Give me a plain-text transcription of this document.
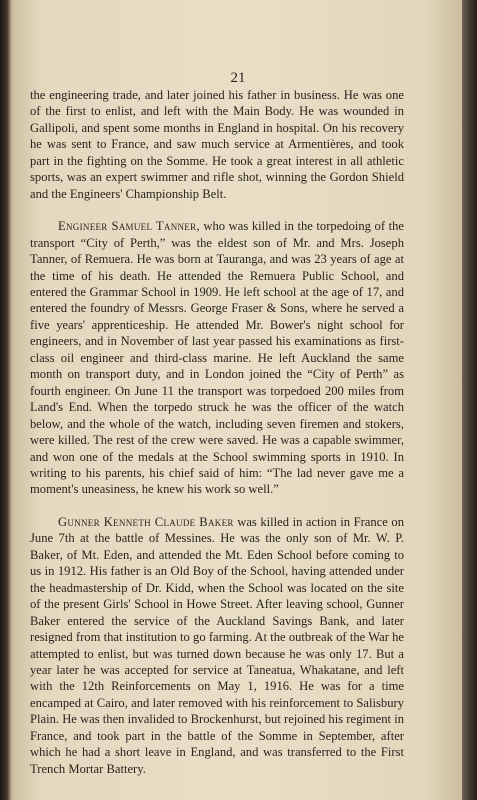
21

the engineering trade, and later joined his father in business. He was one of the first to enlist, and left with the Main Body. He was wounded in Gallipoli, and spent some months in England in hospital. On his recovery he was sent to France, and saw much service at Armentières, and took part in the fighting on the Somme. He took a great interest in all athletic sports, was an expert swimmer and rifle shot, winning the Gordon Shield and the Engineers' Championship Belt.

Engineer Samuel Tanner, who was killed in the torpedoing of the transport “City of Perth,” was the eldest son of Mr. and Mrs. Joseph Tanner, of Remuera. He was born at Tauranga, and was 23 years of age at the time of his death. He attended the Remuera Public School, and entered the Grammar School in 1909. He left school at the age of 17, and entered the foundry of Messrs. George Fraser & Sons, where he served a five years' apprenticeship. He attended Mr. Bower's night school for engineers, and in November of last year passed his examinations as first-class oil engineer and third-class marine. He left Auckland the same month on transport duty, and in London joined the “City of Perth” as fourth engineer. On June 11 the transport was torpedoed 200 miles from Land's End. When the torpedo struck he was the officer of the watch below, and the whole of the watch, including seven firemen and stokers, were killed. The rest of the crew were saved. He was a capable swimmer, and won one of the medals at the School swimming sports in 1910. In writing to his parents, his chief said of him: “The lad never gave me a moment's uneasiness, he knew his work so well.”

Gunner Kenneth Claude Baker was killed in action in France on June 7th at the battle of Messines. He was the only son of Mr. W. P. Baker, of Mt. Eden, and attended the Mt. Eden School before coming to us in 1912. His father is an Old Boy of the School, having attended under the headmastership of Dr. Kidd, when the School was located on the site of the present Girls' School in Howe Street. After leaving school, Gunner Baker entered the service of the Auckland Savings Bank, and later resigned from that institution to go farming. At the outbreak of the War he attempted to enlist, but was turned down because he was only 17. But a year later he was accepted for service at Taneatua, Whakatane, and left with the 12th Reinforcements on May 1, 1916. He was for a time encamped at Cairo, and later removed with his reinforcement to Salisbury Plain. He was then invalided to Brockenhurst, but rejoined his regiment in France, and took part in the battle of the Somme in September, after which he had a short leave in England, and was transferred to the First Trench Mortar Battery.
